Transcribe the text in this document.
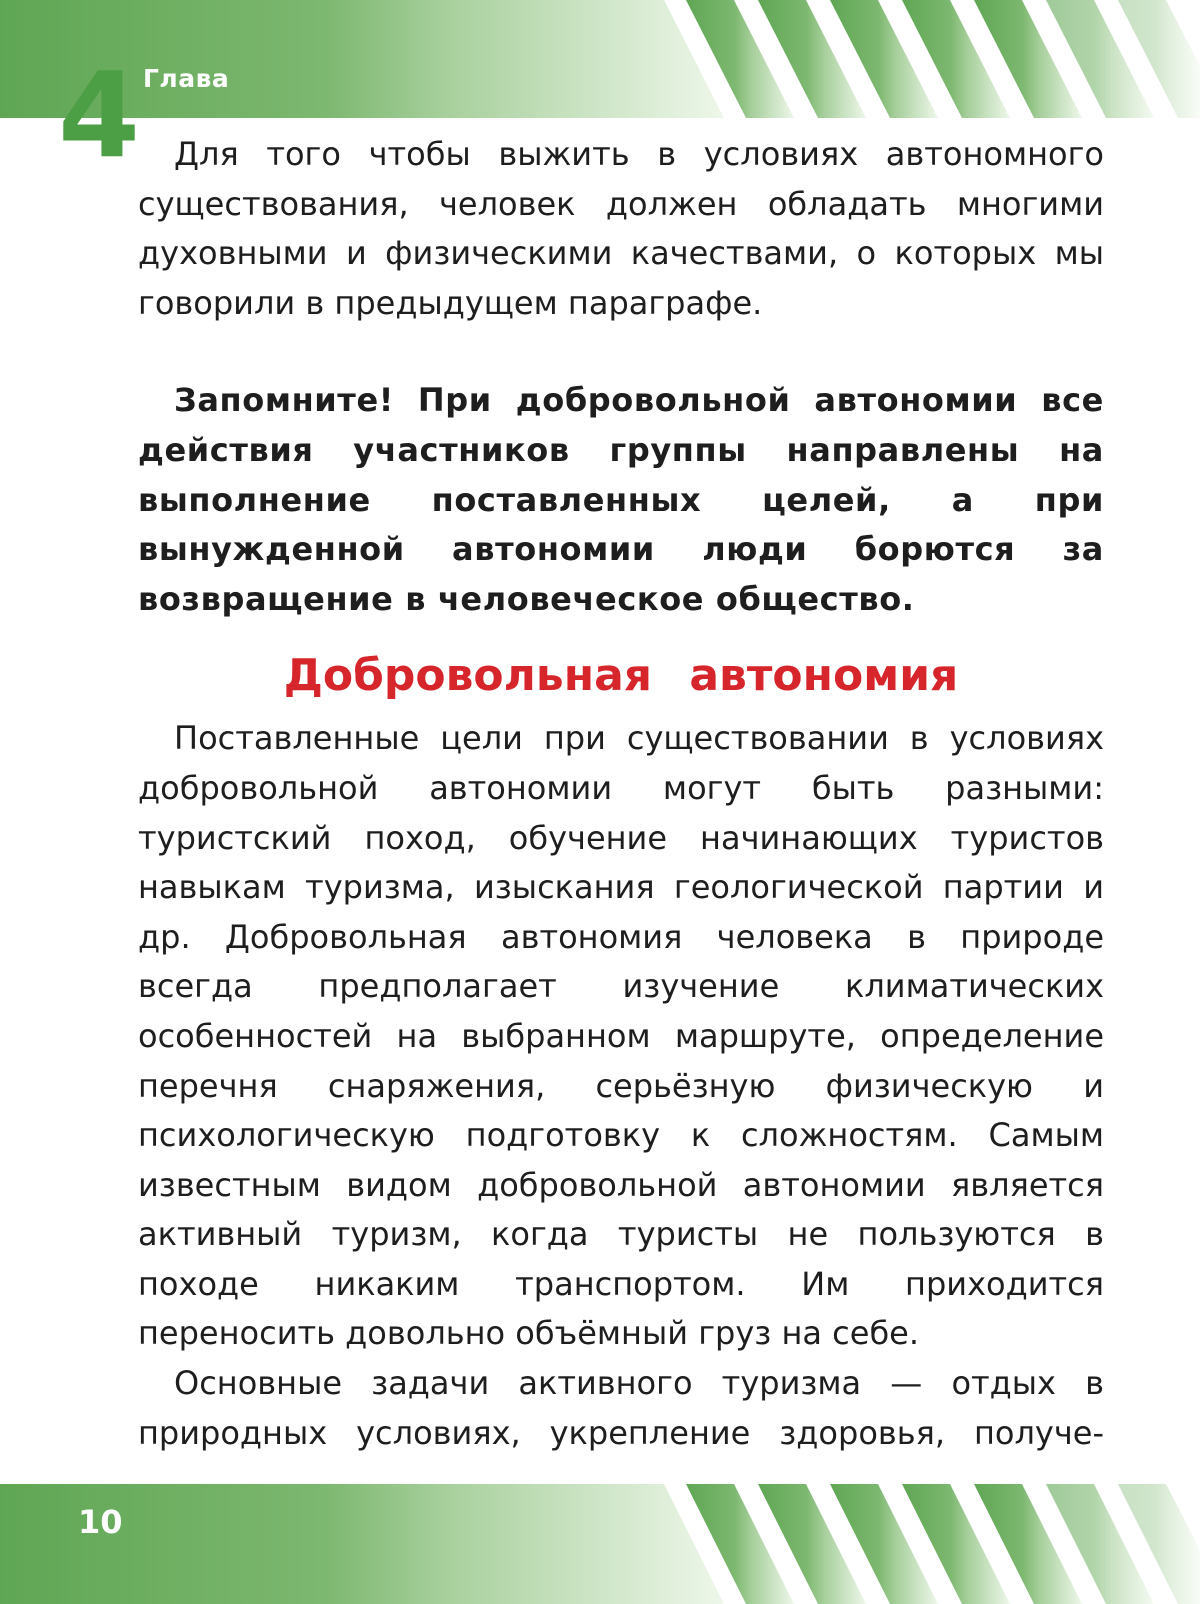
Глава
4	Для того чтобы выжить в условиях автономного существования, человек должен обладать многими духовными и физическими качествами, о которых мы говорили в предыдущем параграфе.

Запомните! При добровольной автономии все действия участников группы направлены на выполнение поставленных целей, а при вынужденной автономии люди борются за возвращение в человеческое общество.

Добровольная автономия

Поставленные цели при существовании в условиях добровольной автономии могут быть разными: туристский поход, обучение начинающих туристов навыкам туризма, изыскания геологической партии и др. Добровольная автономия человека в природе всегда предполагает изучение климатических особенностей на выбранном маршруте, определение перечня снаряжения, серьёзную физическую и психологическую подготовку к сложностям. Самым известным видом добровольной автономии является активный туризм, когда туристы не пользуются в походе никаким транспортом. Им приходится переносить довольно объёмный груз на себе.

Основные задачи активного туризма — отдых в природных условиях, укрепление здоровья, получе-

10
